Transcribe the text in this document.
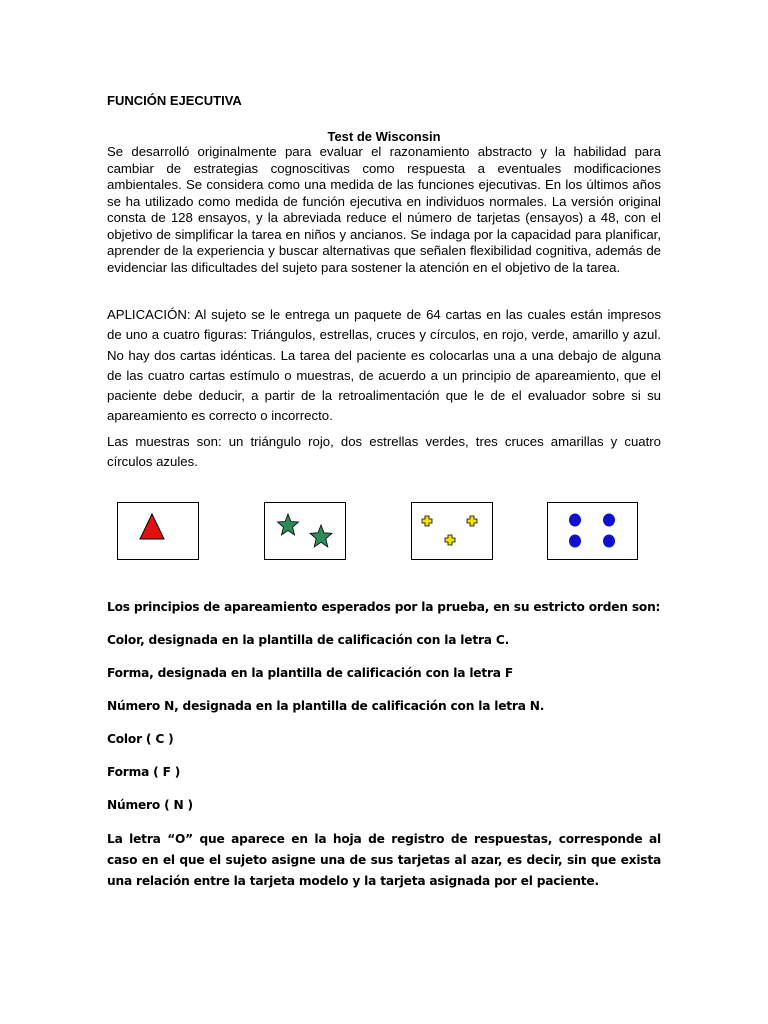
FUNCIÓN EJECUTIVA
Test de Wisconsin

Se desarrolló originalmente para evaluar el razonamiento abstracto y la habilidad para cambiar de estrategias cognoscitivas como respuesta a eventuales modificaciones ambientales. Se considera como una medida de las funciones ejecutivas. En los últimos años se ha utilizado como medida de función ejecutiva en individuos normales. La versión original consta de 128 ensayos, y la abreviada reduce el número de tarjetas (ensayos) a 48, con el objetivo de simplificar la tarea en niños y ancianos. Se indaga por la capacidad para planificar, aprender de la experiencia y buscar alternativas que señalen flexibilidad cognitiva, además de evidenciar las dificultades del sujeto para sostener la atención en el objetivo de la tarea.

APLICACIÓN: Al sujeto se le entrega un paquete de 64 cartas en las cuales están impresos de uno a cuatro figuras: Triángulos, estrellas, cruces y círculos, en rojo, verde, amarillo y azul. No hay dos cartas idénticas. La tarea del paciente es colocarlas una a una debajo de alguna de las cuatro cartas estímulo o muestras, de acuerdo a un principio de apareamiento, que el paciente debe deducir, a partir de la retroalimentación que le de el evaluador sobre si su apareamiento es correcto o incorrecto.

Las muestras son: un triángulo rojo, dos estrellas verdes, tres cruces amarillas y cuatro círculos azules.

Los principios de apareamiento esperados por la prueba, en su estricto orden son:
Color, designada en la plantilla de calificación con la letra C.
Forma, designada en la plantilla de calificación con la letra F
Número N, designada en la plantilla de calificación con la letra N.
Color ( C )
Forma ( F )
Número ( N )

La letra “O” que aparece en la hoja de registro de respuestas, corresponde al caso en el que el sujeto asigne una de sus tarjetas al azar, es decir, sin que exista una relación entre la tarjeta modelo y la tarjeta asignada por el paciente.
